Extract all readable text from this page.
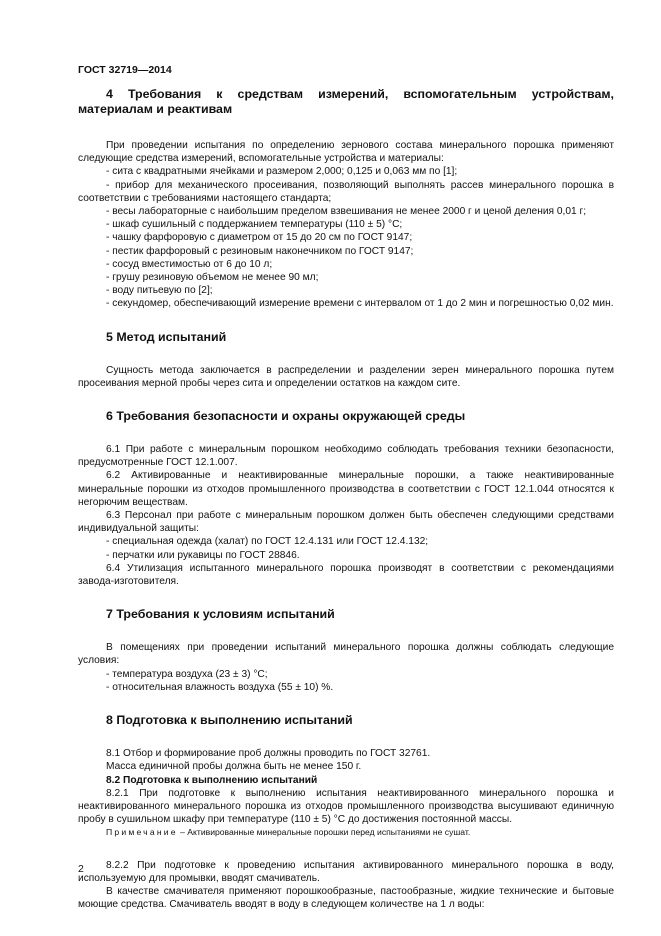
ГОСТ 32719—2014
4 Требования к средствам измерений, вспомогательным устройствам,
материалам и реактивам

При проведении испытания по определению зернового состава минерального порошка применяют следующие средства измерений, вспомогательные устройства и материалы:

- сита с квадратными ячейками и размером 2,000; 0,125 и 0,063 мм по [1];

- прибор для механического просеивания, позволяющий выполнять рассев минерального порошка в соответствии с требованиями настоящего стандарта;

- весы лабораторные с наибольшим пределом взвешивания не менее 2000 г и ценой деления 0,01 г;

- шкаф сушильный с поддержанием температуры (110 ± 5) °С;

- чашку фарфоровую с диаметром от 15 до 20 см по ГОСТ 9147;

- пестик фарфоровый с резиновым наконечником по ГОСТ 9147;

- сосуд вместимостью от 6 до 10 л;

- грушу резиновую объемом не менее 90 мл;

- воду питьевую по [2];

- секундомер, обеспечивающий измерение времени с интервалом от 1 до 2 мин и погрешностью 0,02 мин.

5 Метод испытаний

Сущность метода заключается в распределении и разделении зерен минерального порошка путем просеивания мерной пробы через сита и определении остатков на каждом сите.

6 Требования безопасности и охраны окружающей среды

6.1 При работе с минеральным порошком необходимо соблюдать требования техники безопасности, предусмотренные ГОСТ 12.1.007.

6.2 Активированные и неактивированные минеральные порошки, а также неактивированные минеральные порошки из отходов промышленного производства в соответствии с ГОСТ 12.1.044 относятся к негорючим веществам.

6.3 Персонал при работе с минеральным порошком должен быть обеспечен следующими средствами индивидуальной защиты:

- специальная одежда (халат) по ГОСТ 12.4.131 или ГОСТ 12.4.132;

- перчатки или рукавицы по ГОСТ 28846.

6.4 Утилизация испытанного минерального порошка производят в соответствии с рекомендациями завода-изготовителя.

7 Требования к условиям испытаний

В помещениях при проведении испытаний минерального порошка должны соблюдать следующие условия:

- температура воздуха (23 ± 3) °С;

- относительная влажность воздуха (55 ± 10) %.

8 Подготовка к выполнению испытаний

8.1 Отбор и формирование проб должны проводить по ГОСТ 32761.

Масса единичной пробы должна быть не менее 150 г.

8.2 Подготовка к выполнению испытаний

8.2.1 При подготовке к выполнению испытания неактивированного минерального порошка и неактивированного минерального порошка из отходов промышленного производства высушивают единичную пробу в сушильном шкафу при температуре (110 ± 5) °С до достижения постоянной массы.

Примечание – Активированные минеральные порошки перед испытаниями не сушат.

8.2.2 При подготовке к проведению испытания активированного минерального порошка в воду, используемую для промывки, вводят смачиватель.

В качестве смачивателя применяют порошкообразные, пастообразные, жидкие технические и бытовые моющие средства. Смачиватель вводят в воду в следующем количестве на 1 л воды:

2
